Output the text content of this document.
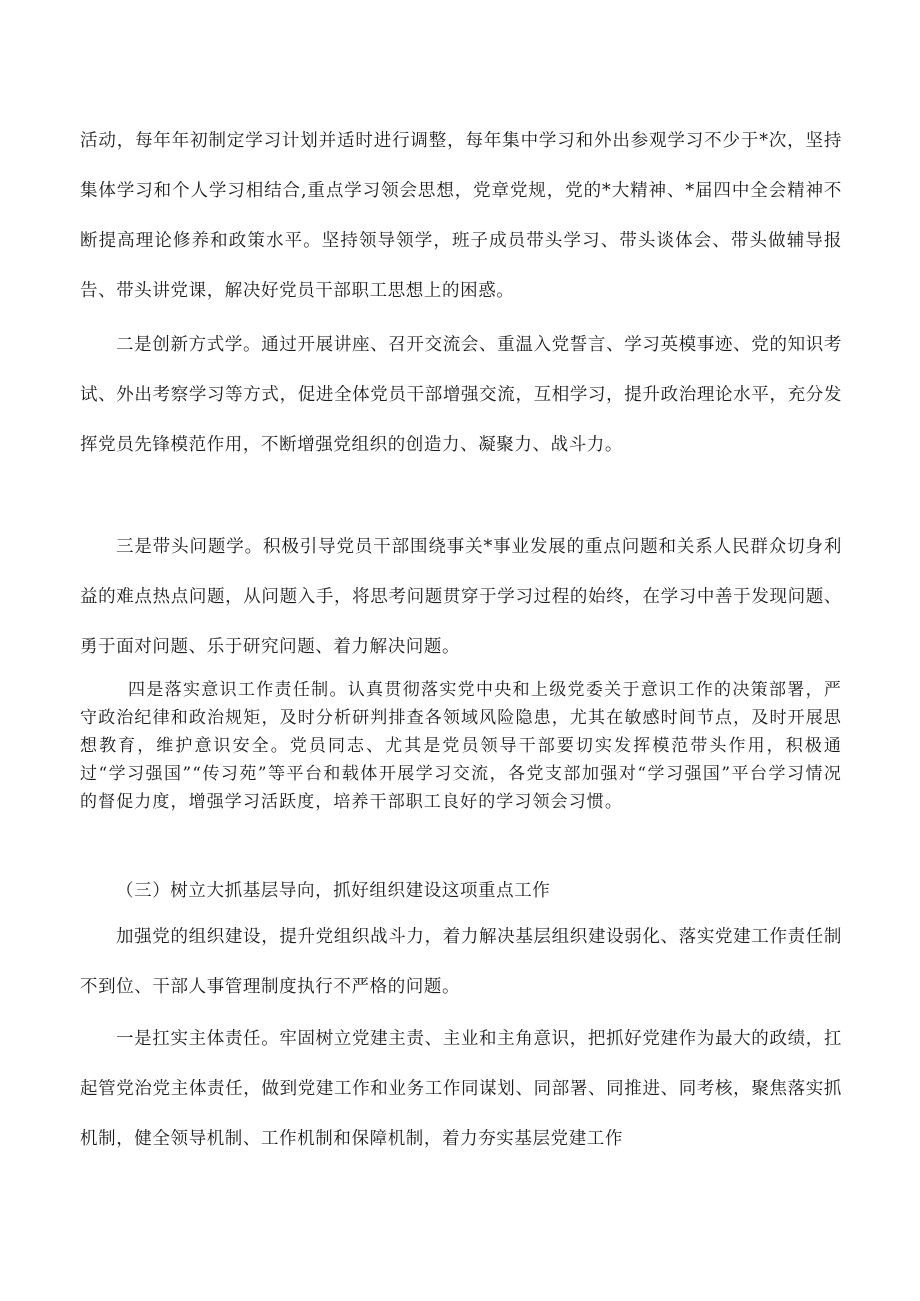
活动，每年年初制定学习计划并适时进行调整，每年集中学习和外出参观学习不少于*次，坚持集体学习和个人学习相结合,重点学习领会思想，党章党规，党的*大精神、*届四中全会精神不断提高理论修养和政策水平。坚持领导领学，班子成员带头学习、带头谈体会、带头做辅导报告、带头讲党课，解决好党员干部职工思想上的困惑。

二是创新方式学。通过开展讲座、召开交流会、重温入党誓言、学习英模事迹、党的知识考试、外出考察学习等方式，促进全体党员干部增强交流，互相学习，提升政治理论水平，充分发挥党员先锋模范作用，不断增强党组织的创造力、凝聚力、战斗力。

三是带头问题学。积极引导党员干部围绕事关*事业发展的重点问题和关系人民群众切身利益的难点热点问题，从问题入手，将思考问题贯穿于学习过程的始终，在学习中善于发现问题、勇于面对问题、乐于研究问题、着力解决问题。

四是落实意识工作责任制。认真贯彻落实党中央和上级党委关于意识工作的决策部署，严守政治纪律和政治规矩，及时分析研判排查各领域风险隐患，尤其在敏感时间节点，及时开展思想教育，维护意识安全。党员同志、尤其是党员领导干部要切实发挥模范带头作用，积极通过“学习强国”“传习苑”等平台和载体开展学习交流，各党支部加强对“学习强国”平台学习情况的督促力度，增强学习活跃度，培养干部职工良好的学习领会习惯。

（三）树立大抓基层导向，抓好组织建设这项重点工作

加强党的组织建设，提升党组织战斗力，着力解决基层组织建设弱化、落实党建工作责任制不到位、干部人事管理制度执行不严格的问题。

一是扛实主体责任。牢固树立党建主责、主业和主角意识，把抓好党建作为最大的政绩，扛起管党治党主体责任，做到党建工作和业务工作同谋划、同部署、同推进、同考核，聚焦落实抓机制，健全领导机制、工作机制和保障机制，着力夯实基层党建工作
